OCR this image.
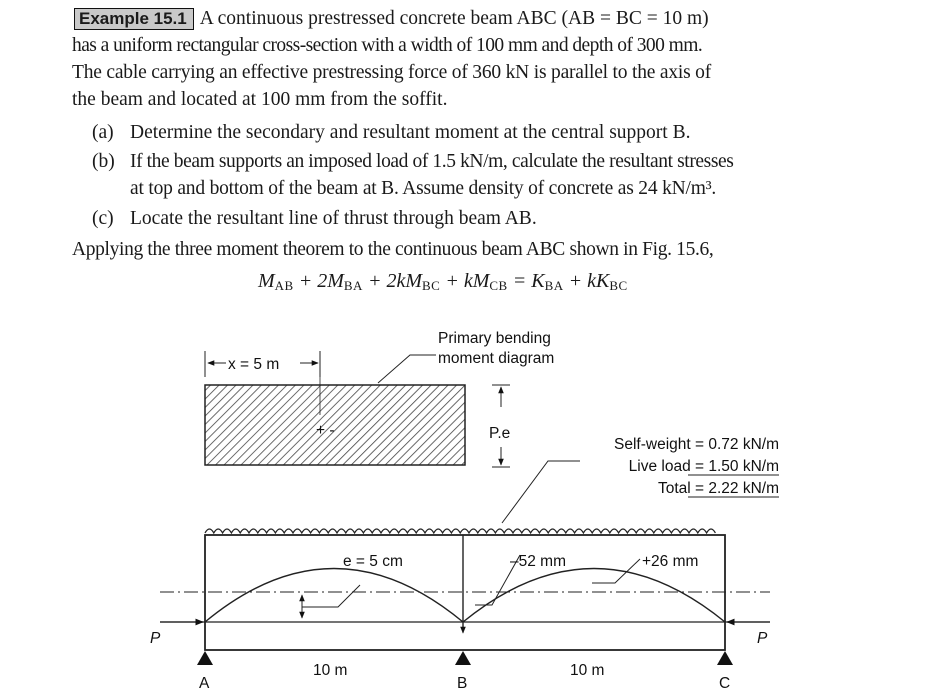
Example 15.1 A continuous prestressed concrete beam ABC (AB = BC = 10 m)
has a uniform rectangular cross-section with a width of 100 mm and depth of 300 mm.
The cable carrying an effective prestressing force of 360 kN is parallel to the axis of
the beam and located at 100 mm from the soffit.
(a) Determine the secondary and resultant moment at the central support B.
(b) If the beam supports an imposed load of 1.5 kN/m, calculate the resultant stresses
at top and bottom of the beam at B. Assume density of concrete as 24 kN/m³.
(c) Locate the resultant line of thrust through beam AB.
Applying the three moment theorem to the continuous beam ABC shown in Fig. 15.6,
$M_{AB} + 2M_{BA} + 2kM_{BC} + kM_{CB} = K_{BA} + kK_{BC}$
+ -
x = 5 m
Primary bending
moment diagram
P.e
Self-weight = 0.72 kN/m
Live load = 1.50 kN/m
Total = 2.22 kN/m
e = 5 cm	–52 mm	+26 mm
P	P
A	B	C
10 m	10 m
